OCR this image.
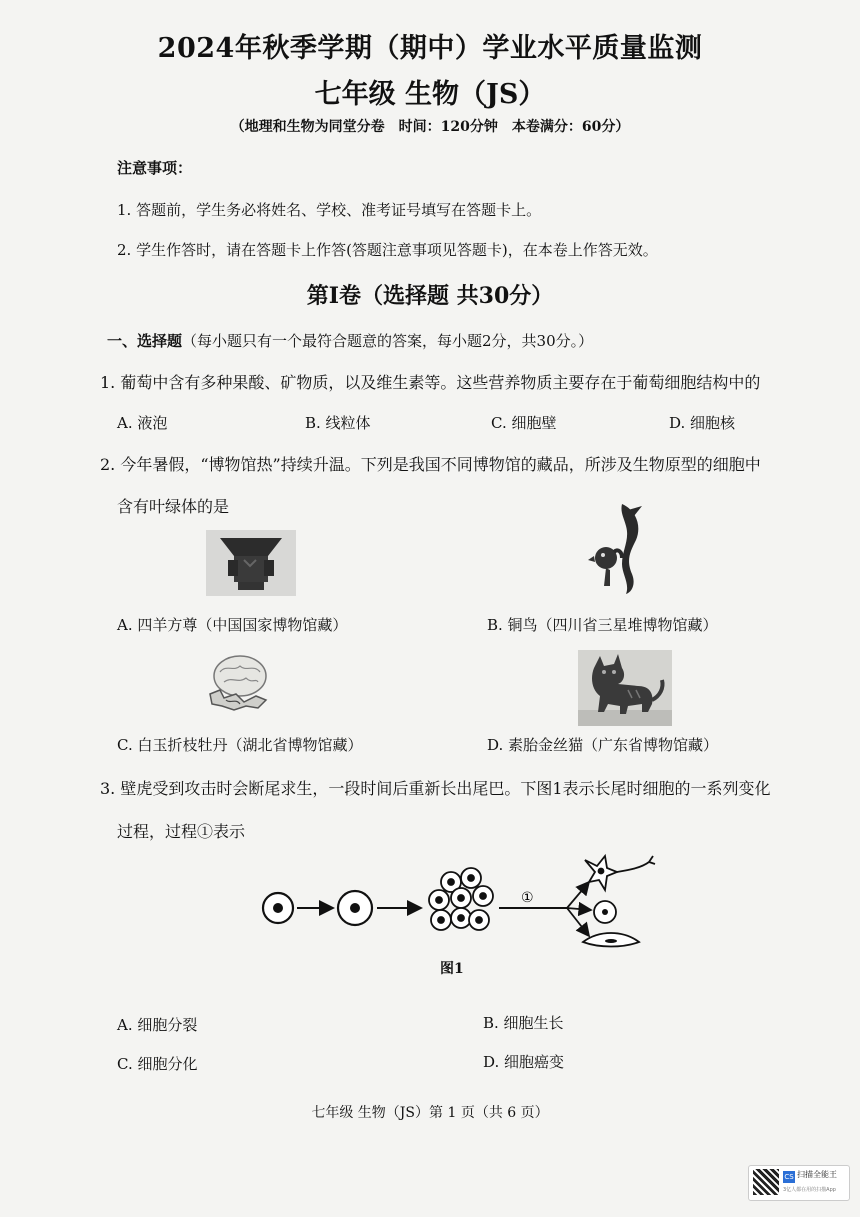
2024年秋季学期（期中）学业水平质量监测
七年级 生物（JS）
（地理和生物为同堂分卷　时间：120分钟　本卷满分：60分）
注意事项：
1. 答题前，学生务必将姓名、学校、准考证号填写在答题卡上。
2. 学生作答时，请在答题卡上作答(答题注意事项见答题卡)，在本卷上作答无效。
第Ⅰ卷（选择题 共30分）
一、选择题（每小题只有一个最符合题意的答案，每小题2分，共30分。）
1. 葡萄中含有多种果酸、矿物质，以及维生素等。这些营养物质主要存在于葡萄细胞结构中的
A. 液泡	B. 线粒体	C. 细胞壁	D. 细胞核
2. 今年暑假，“博物馆热”持续升温。下列是我国不同博物馆的藏品，所涉及生物原型的细胞中
含有叶绿体的是
A. 四羊方尊（中国国家博物馆藏）	B. 铜鸟（四川省三星堆博物馆藏）
C. 白玉折枝牡丹（湖北省博物馆藏）	D. 素胎金丝猫（广东省博物馆藏）
3. 壁虎受到攻击时会断尾求生，一段时间后重新长出尾巴。下图1表示长尾时细胞的一系列变化
过程，过程①表示
①
图1
A. 细胞分裂	B. 细胞生长
C. 细胞分化	D. 细胞癌变
七年级 生物（JS）第 1 页（共 6 页）
CS 扫描全能王
3亿人都在用的扫描App
